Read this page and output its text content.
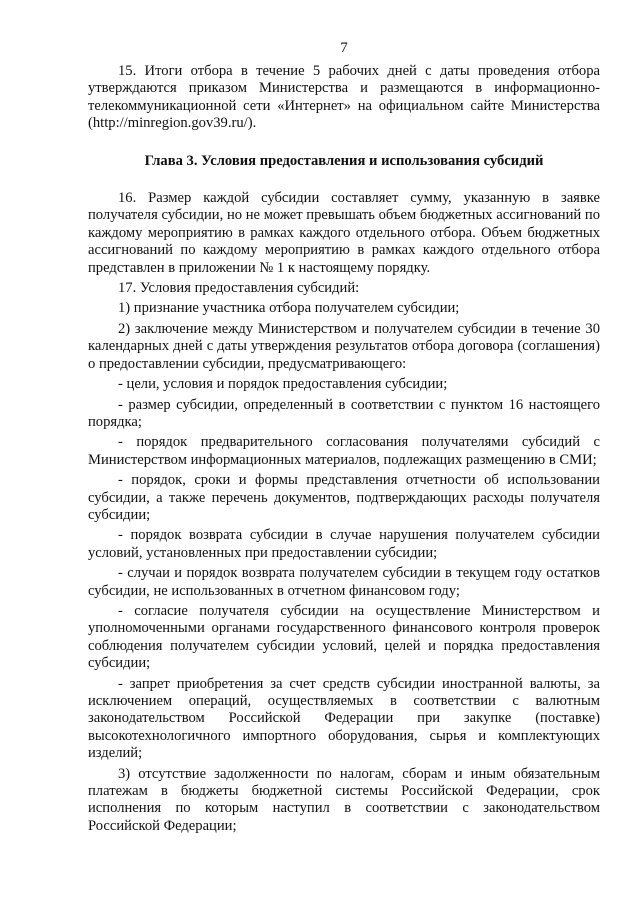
7

15. Итоги отбора в течение 5 рабочих дней с даты проведения отбора утверждаются приказом Министерства и размещаются в информационно-телекоммуникационной сети «Интернет» на официальном сайте Министерства (http://minregion.gov39.ru/).

Глава 3. Условия предоставления и использования субсидий

16. Размер каждой субсидии составляет сумму, указанную в заявке получателя субсидии, но не может превышать объем бюджетных ассигнований по каждому мероприятию в рамках каждого отдельного отбора. Объем бюджетных ассигнований по каждому мероприятию в рамках каждого отдельного отбора представлен в приложении № 1 к настоящему порядку.

17. Условия предоставления субсидий:

1) признание участника отбора получателем субсидии;

2) заключение между Министерством и получателем субсидии в течение 30 календарных дней с даты утверждения результатов отбора договора (соглашения) о предоставлении субсидии, предусматривающего:

- цели, условия и порядок предоставления субсидии;

- размер субсидии, определенный в соответствии с пунктом 16 настоящего порядка;

- порядок предварительного согласования получателями субсидий с Министерством информационных материалов, подлежащих размещению в СМИ;

- порядок, сроки и формы представления отчетности об использовании субсидии, а также перечень документов, подтверждающих расходы получателя субсидии;

- порядок возврата субсидии в случае нарушения получателем субсидии условий, установленных при предоставлении субсидии;

- случаи и порядок возврата получателем субсидии в текущем году остатков субсидии, не использованных в отчетном финансовом году;

- согласие получателя субсидии на осуществление Министерством и уполномоченными органами государственного финансового контроля проверок соблюдения получателем субсидии условий, целей и порядка предоставления субсидии;

- запрет приобретения за счет средств субсидии иностранной валюты, за исключением операций, осуществляемых в соответствии с валютным законодательством Российской Федерации при закупке (поставке) высокотехнологичного импортного оборудования, сырья и комплектующих изделий;

3) отсутствие задолженности по налогам, сборам и иным обязательным платежам в бюджеты бюджетной системы Российской Федерации, срок исполнения по которым наступил в соответствии с законодательством Российской Федерации;
